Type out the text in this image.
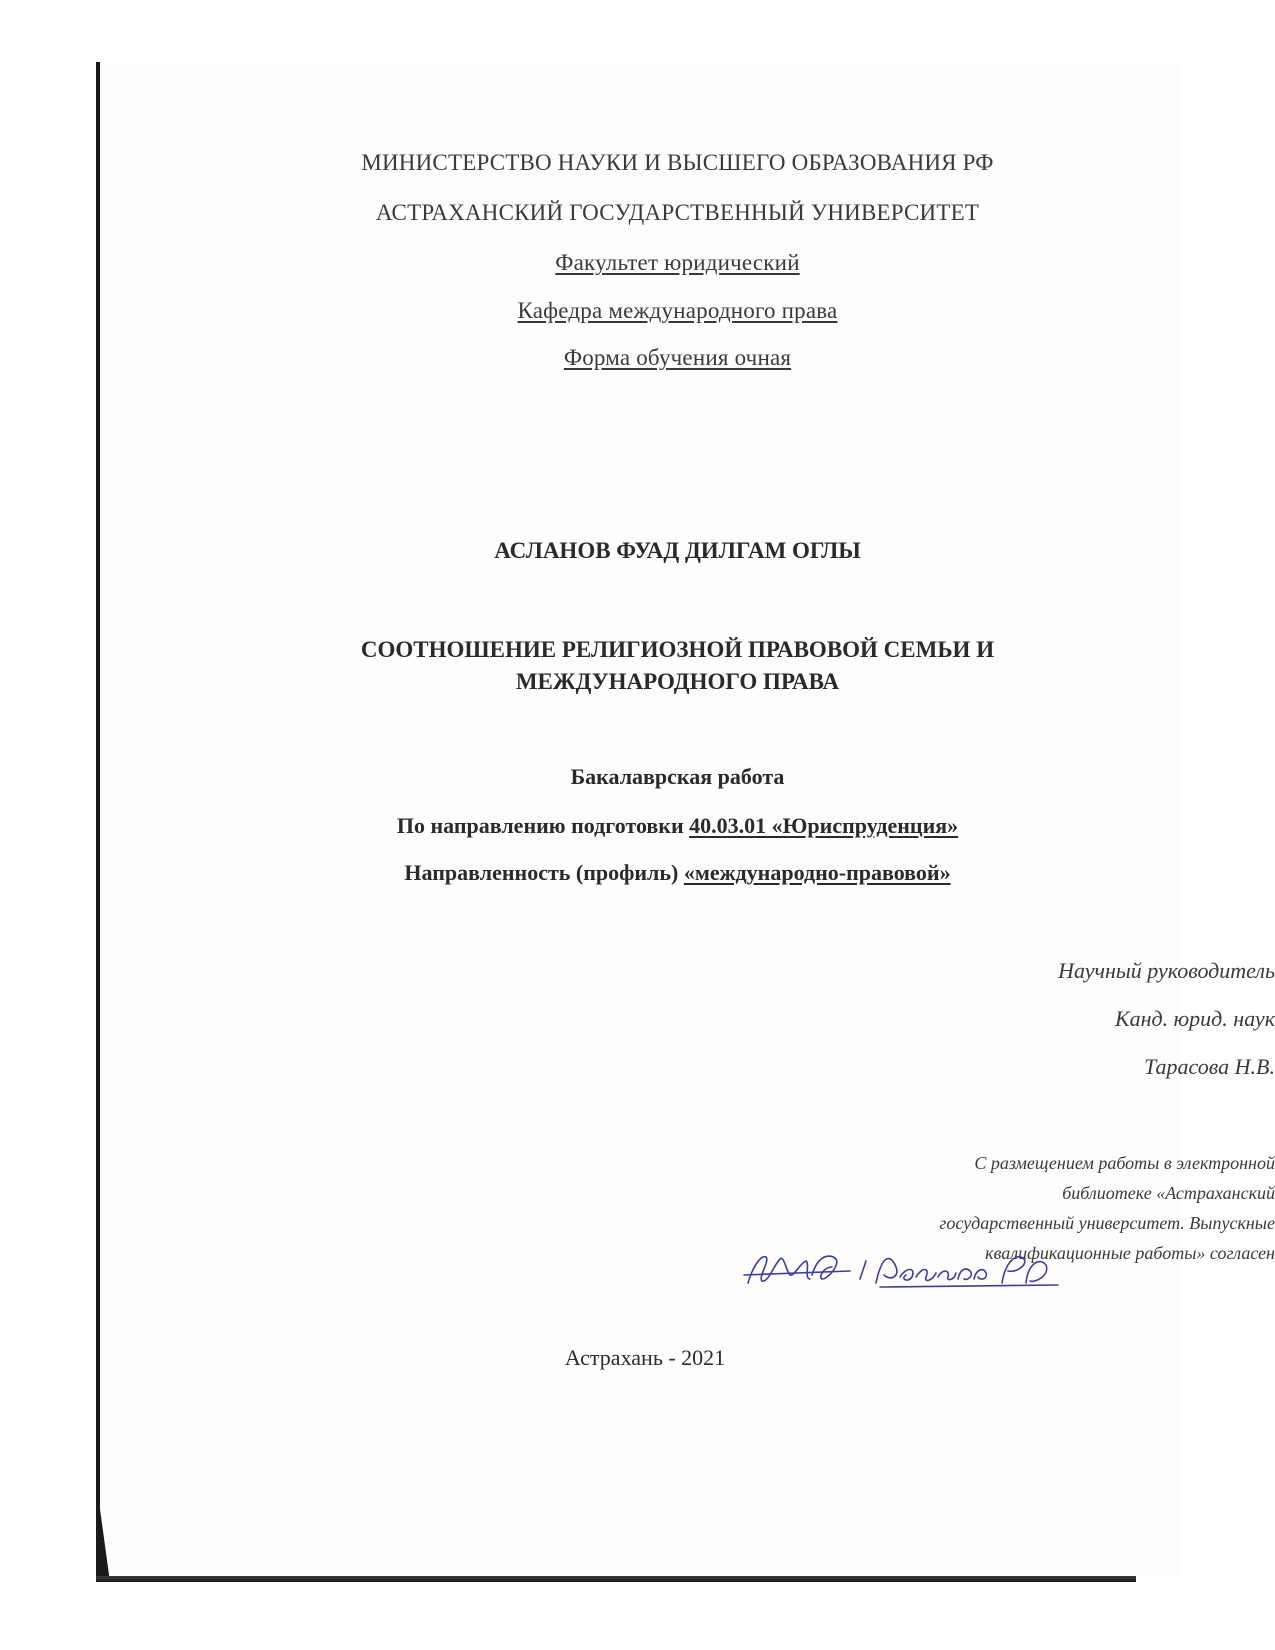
МИНИСТЕРСТВО НАУКИ И ВЫСШЕГО ОБРАЗОВАНИЯ РФ
АСТРАХАНСКИЙ ГОСУДАРСТВЕННЫЙ УНИВЕРСИТЕТ
Факультет юридический
Кафедра международного права
Форма обучения очная
АСЛАНОВ ФУАД ДИЛГАМ ОГЛЫ
СООТНОШЕНИЕ РЕЛИГИОЗНОЙ ПРАВОВОЙ СЕМЬИ И
МЕЖДУНАРОДНОГО ПРАВА
Бакалаврская работа
По направлению подготовки 40.03.01 «Юриспруденция»
Направленность (профиль) «международно-правовой»
Научный руководитель
Канд. юрид. наук
Тарасова Н.В.
С размещением работы в электронной
библиотеке «Астраханский
государственный университет. Выпускные
квалификационные работы» согласен
Астрахань - 2021
